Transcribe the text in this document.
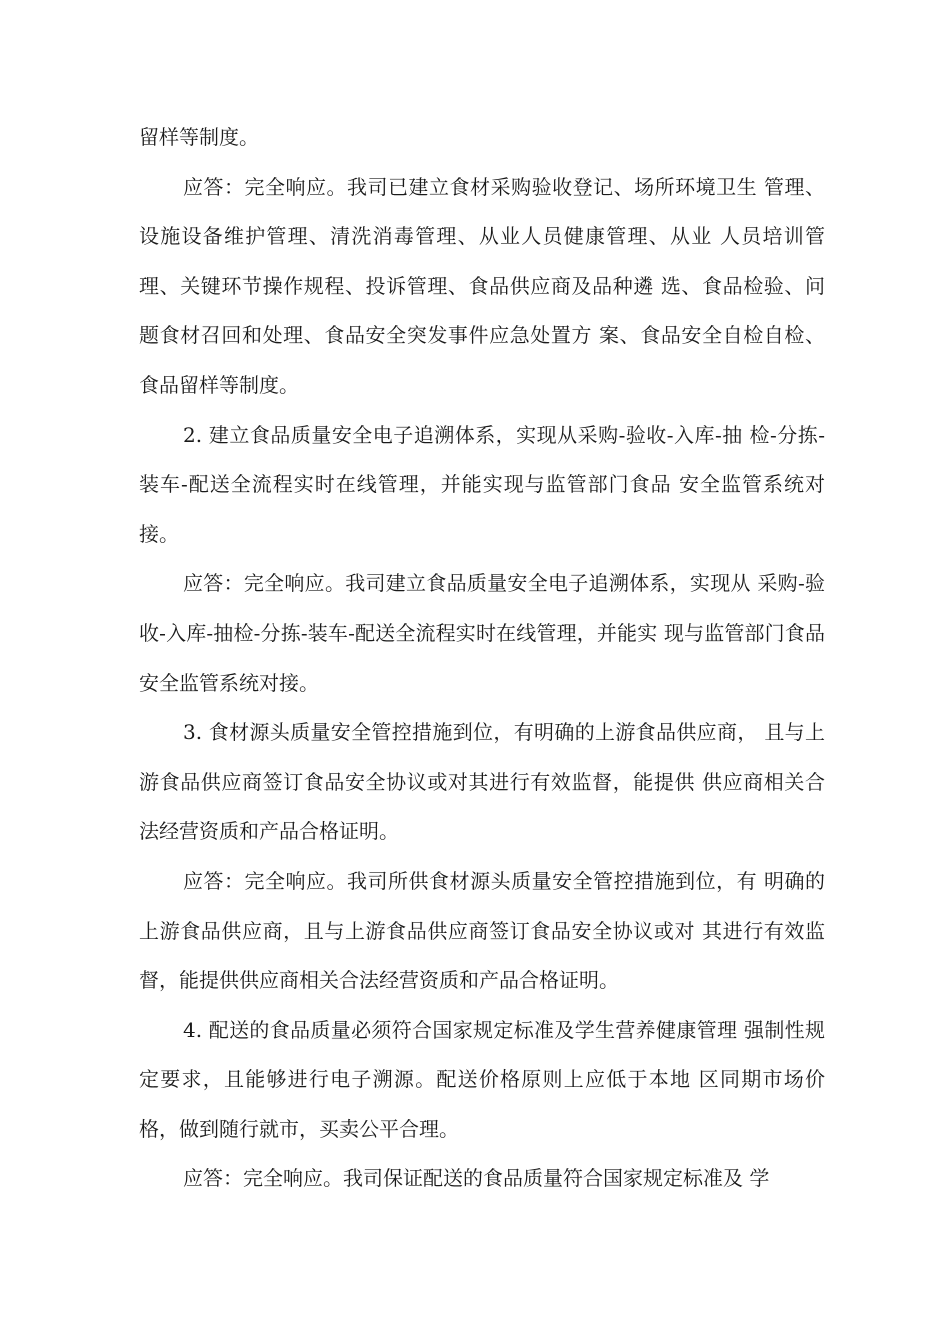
留样等制度。

应答：完全响应。我司已建立食材采购验收登记、场所环境卫生 管理、设施设备维护管理、清洗消毒管理、从业人员健康管理、从业 人员培训管理、关键环节操作规程、投诉管理、食品供应商及品种遴 选、食品检验、问题食材召回和处理、食品安全突发事件应急处置方 案、食品安全自检自检、食品留样等制度。

2. 建立食品质量安全电子追溯体系，实现从采购-验收-入库-抽 检-分拣-装车-配送全流程实时在线管理，并能实现与监管部门食品 安全监管系统对接。

应答：完全响应。我司建立食品质量安全电子追溯体系，实现从 采购-验收-入库-抽检-分拣-装车-配送全流程实时在线管理，并能实 现与监管部门食品安全监管系统对接。

3. 食材源头质量安全管控措施到位，有明确的上游食品供应商， 且与上游食品供应商签订食品安全协议或对其进行有效监督，能提供 供应商相关合法经营资质和产品合格证明。

应答：完全响应。我司所供食材源头质量安全管控措施到位，有 明确的上游食品供应商，且与上游食品供应商签订食品安全协议或对 其进行有效监督，能提供供应商相关合法经营资质和产品合格证明。

4. 配送的食品质量必须符合国家规定标准及学生营养健康管理 强制性规定要求，且能够进行电子溯源。配送价格原则上应低于本地 区同期市场价格，做到随行就市，买卖公平合理。

应答：完全响应。我司保证配送的食品质量符合国家规定标准及 学
